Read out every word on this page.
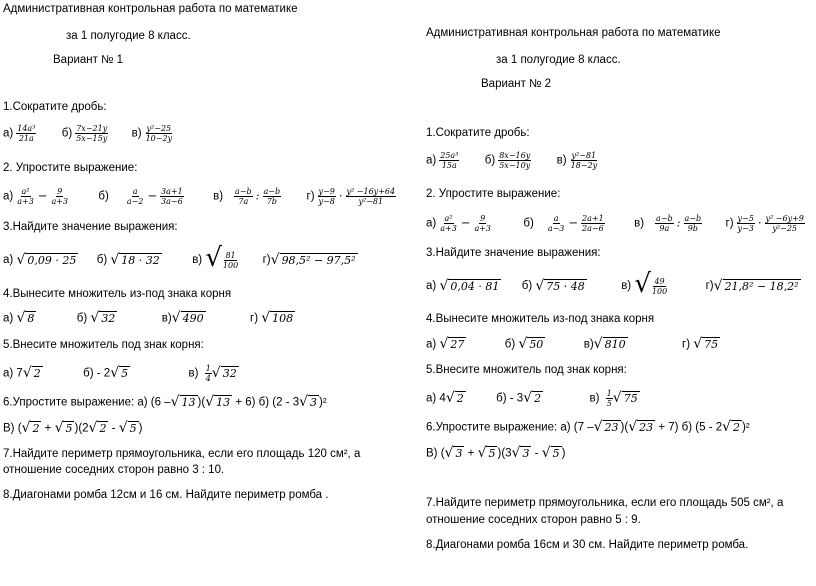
Административная контрольная работа по математике
за 1 полугодие 8 класс.
Вариант № 1
1.Сократите дробь:
$а) \frac{\text{14a³}}{21a} б) \frac{7x-21y}{5x-15y} в) \frac{\text{y²−25}}{10-2y}$
2. Упростите выражение:
$а) \frac{\text{a²}}{a+3} - \frac{9}{a+3}$	$б) \frac{a}{a-2} - \frac{3a+1}{3a-6}$	$в) \frac{a-b}{7a}$ : $\frac{a-b}{7b} г) \frac{y-9}{y-8} \cdot \frac{\text{y² −16y+64}}{\text{y²−81}}$
3.Найдите значение выражения:
а) √ 0,09 · 25 б) √ 18 · 32	в) √ $\frac{81}{100} г)√$ 98,5² − 97,5²
4.Вынесите множитель из-под знака корня
а) √ 8	б) √ 32	в)√ 490	г) √ 108
5.Внесите множитель под знак корня:
а) 7√ 2	б) - 2√ 5	$в) \frac{1}{4}$ √ 32
6.Упростите выражение: а) (6 –√ 13 )(√ 13 + 6) б) (2 - 3√ 3 )²
В) (√ 2 + √ 5 )(2√ 2 - √ 5 )
7.Найдите периметр прямоугольника, если его площадь 120 см², а
отношение соседних сторон равно 3 : 10.
8.Диагонами ромба 12см и 16 см. Найдите периметр ромба .
Административная контрольная работа по математике
за 1 полугодие 8 класс.
Вариант № 2
1.Сократите дробь:
$а) \frac{\text{25a³}}{15a} б) \frac{8x-16y}{5x-10y} в) \frac{\text{y²−81}}{18-2y}$
2. Упростите выражение:
$а) \frac{\text{a²}}{a+3} - \frac{9}{a+3}$	$б) \frac{a}{a-3} - \frac{2a+1}{2a-6}$	$в) \frac{a-b}{9a}$ : $\frac{a-b}{9b} г) \frac{y-5}{y-3} \cdot \frac{\text{y² −6y+9}}{\text{y²−25}}$
3.Найдите значение выражения:
а) √ 0,04 · 81 б) √ 75 · 48	в) √ $\frac{49}{100}$	г)√ 21,8² − 18,2²
4.Вынесите множитель из-под знака корня
а) √ 27	б) √ 50	в)√ 810	г) √ 75
5.Внесите множитель под знак корня:
а) 4√ 2	б) - 3√ 2	$в) \frac{1}{5}$ √ 75
6.Упростите выражение: а) (7 –√ 23 )(√ 23 + 7) б) (5 - 2√ 2 )²
В) (√ 3 + √ 5 )(3√ 3 - √ 5 )
7.Найдите периметр прямоугольника, если его площадь 505 см², а
отношение соседних сторон равно 5 : 9.
8.Диагонами ромба 16см и 30 см. Найдите периметр ромба.
